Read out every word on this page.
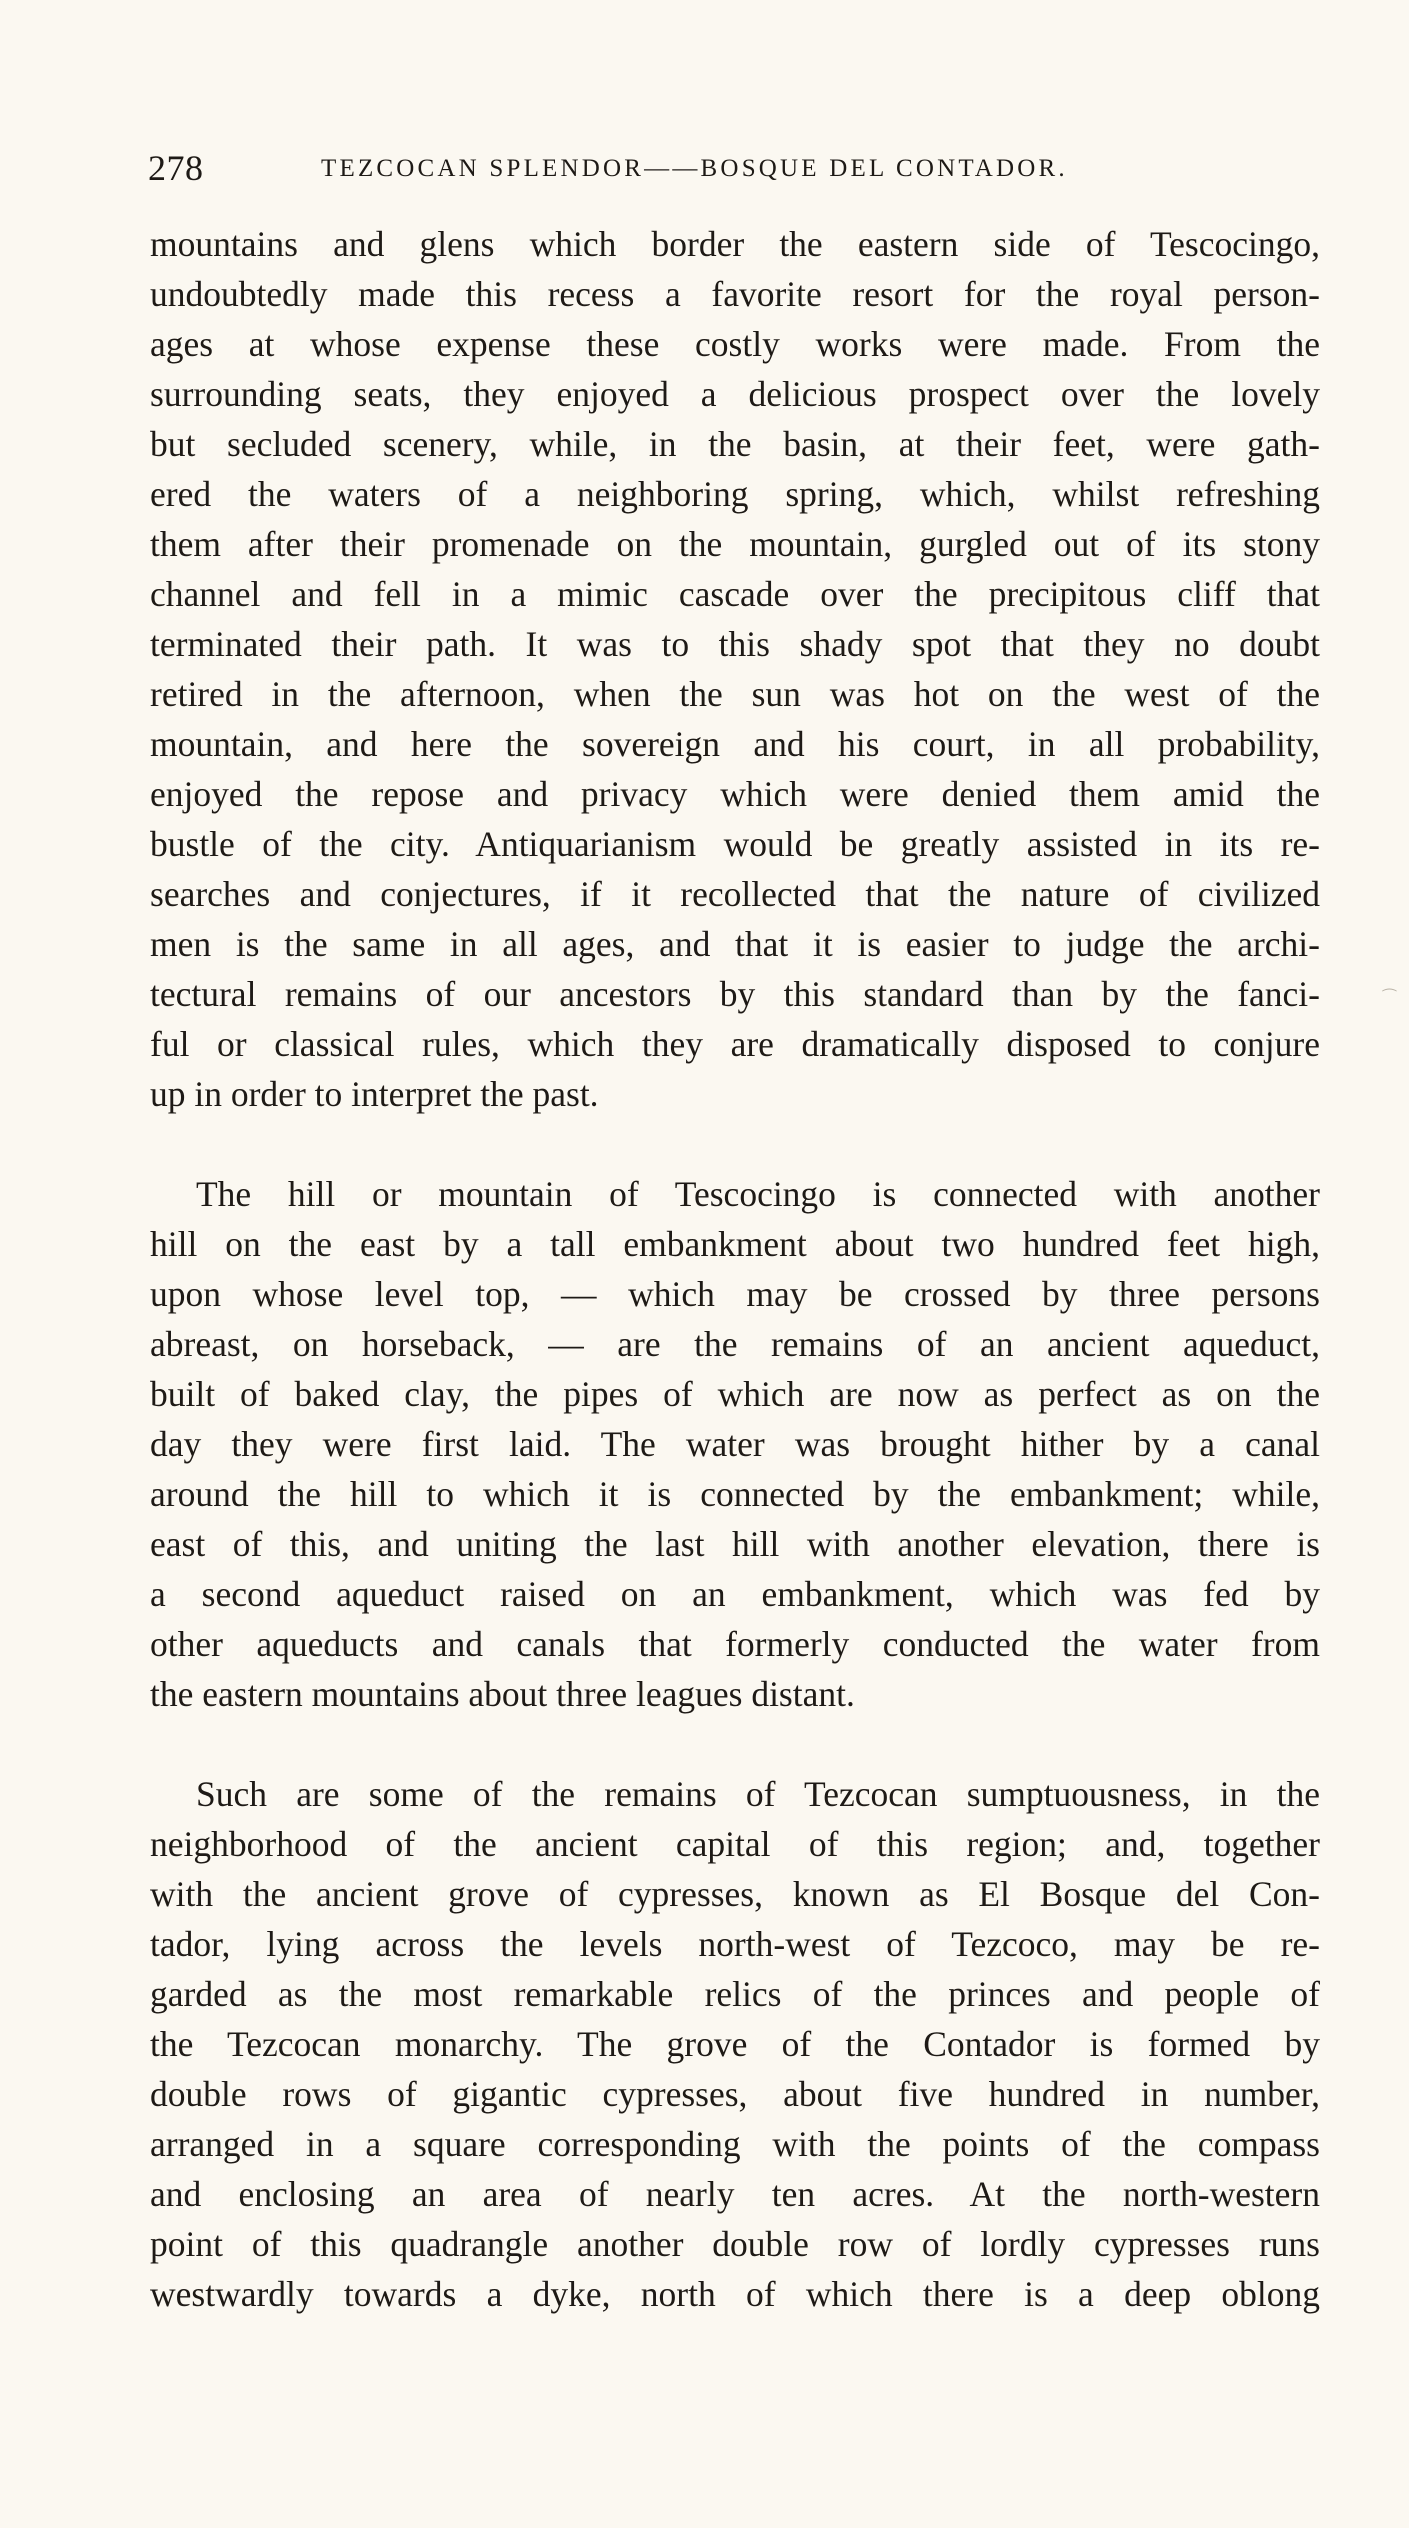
278	TEZCOCAN SPLENDOR——BOSQUE DEL CONTADOR.

mountains and glens which border the eastern side of Tescocingo,
undoubtedly made this recess a favorite resort for the royal person-
ages at whose expense these costly works were made. From the
surrounding seats, they enjoyed a delicious prospect over the lovely
but secluded scenery, while, in the basin, at their feet, were gath-
ered the waters of a neighboring spring, which, whilst refreshing
them after their promenade on the mountain, gurgled out of its stony
channel and fell in a mimic cascade over the precipitous cliff that
terminated their path. It was to this shady spot that they no doubt
retired in the afternoon, when the sun was hot on the west of the
mountain, and here the sovereign and his court, in all probability,
enjoyed the repose and privacy which were denied them amid the
bustle of the city. Antiquarianism would be greatly assisted in its re-
searches and conjectures, if it recollected that the nature of civilized
men is the same in all ages, and that it is easier to judge the archi-
tectural remains of our ancestors by this standard than by the fanci-
ful or classical rules, which they are dramatically disposed to conjure
up in order to interpret the past.

The hill or mountain of Tescocingo is connected with another
hill on the east by a tall embankment about two hundred feet high,
upon whose level top, — which may be crossed by three persons
abreast, on horseback, — are the remains of an ancient aqueduct,
built of baked clay, the pipes of which are now as perfect as on the
day they were first laid. The water was brought hither by a canal
around the hill to which it is connected by the embankment; while,
east of this, and uniting the last hill with another elevation, there is
a second aqueduct raised on an embankment, which was fed by
other aqueducts and canals that formerly conducted the water from
the eastern mountains about three leagues distant.

Such are some of the remains of Tezcocan sumptuousness, in the
neighborhood of the ancient capital of this region; and, together
with the ancient grove of cypresses, known as El Bosque del Con-
tador, lying across the levels north-west of Tezcoco, may be re-
garded as the most remarkable relics of the princes and people of
the Tezcocan monarchy. The grove of the Contador is formed by
double rows of gigantic cypresses, about five hundred in number,
arranged in a square corresponding with the points of the compass
and enclosing an area of nearly ten acres. At the north-western
point of this quadrangle another double row of lordly cypresses runs
westwardly towards a dyke, north of which there is a deep oblong

⁀
